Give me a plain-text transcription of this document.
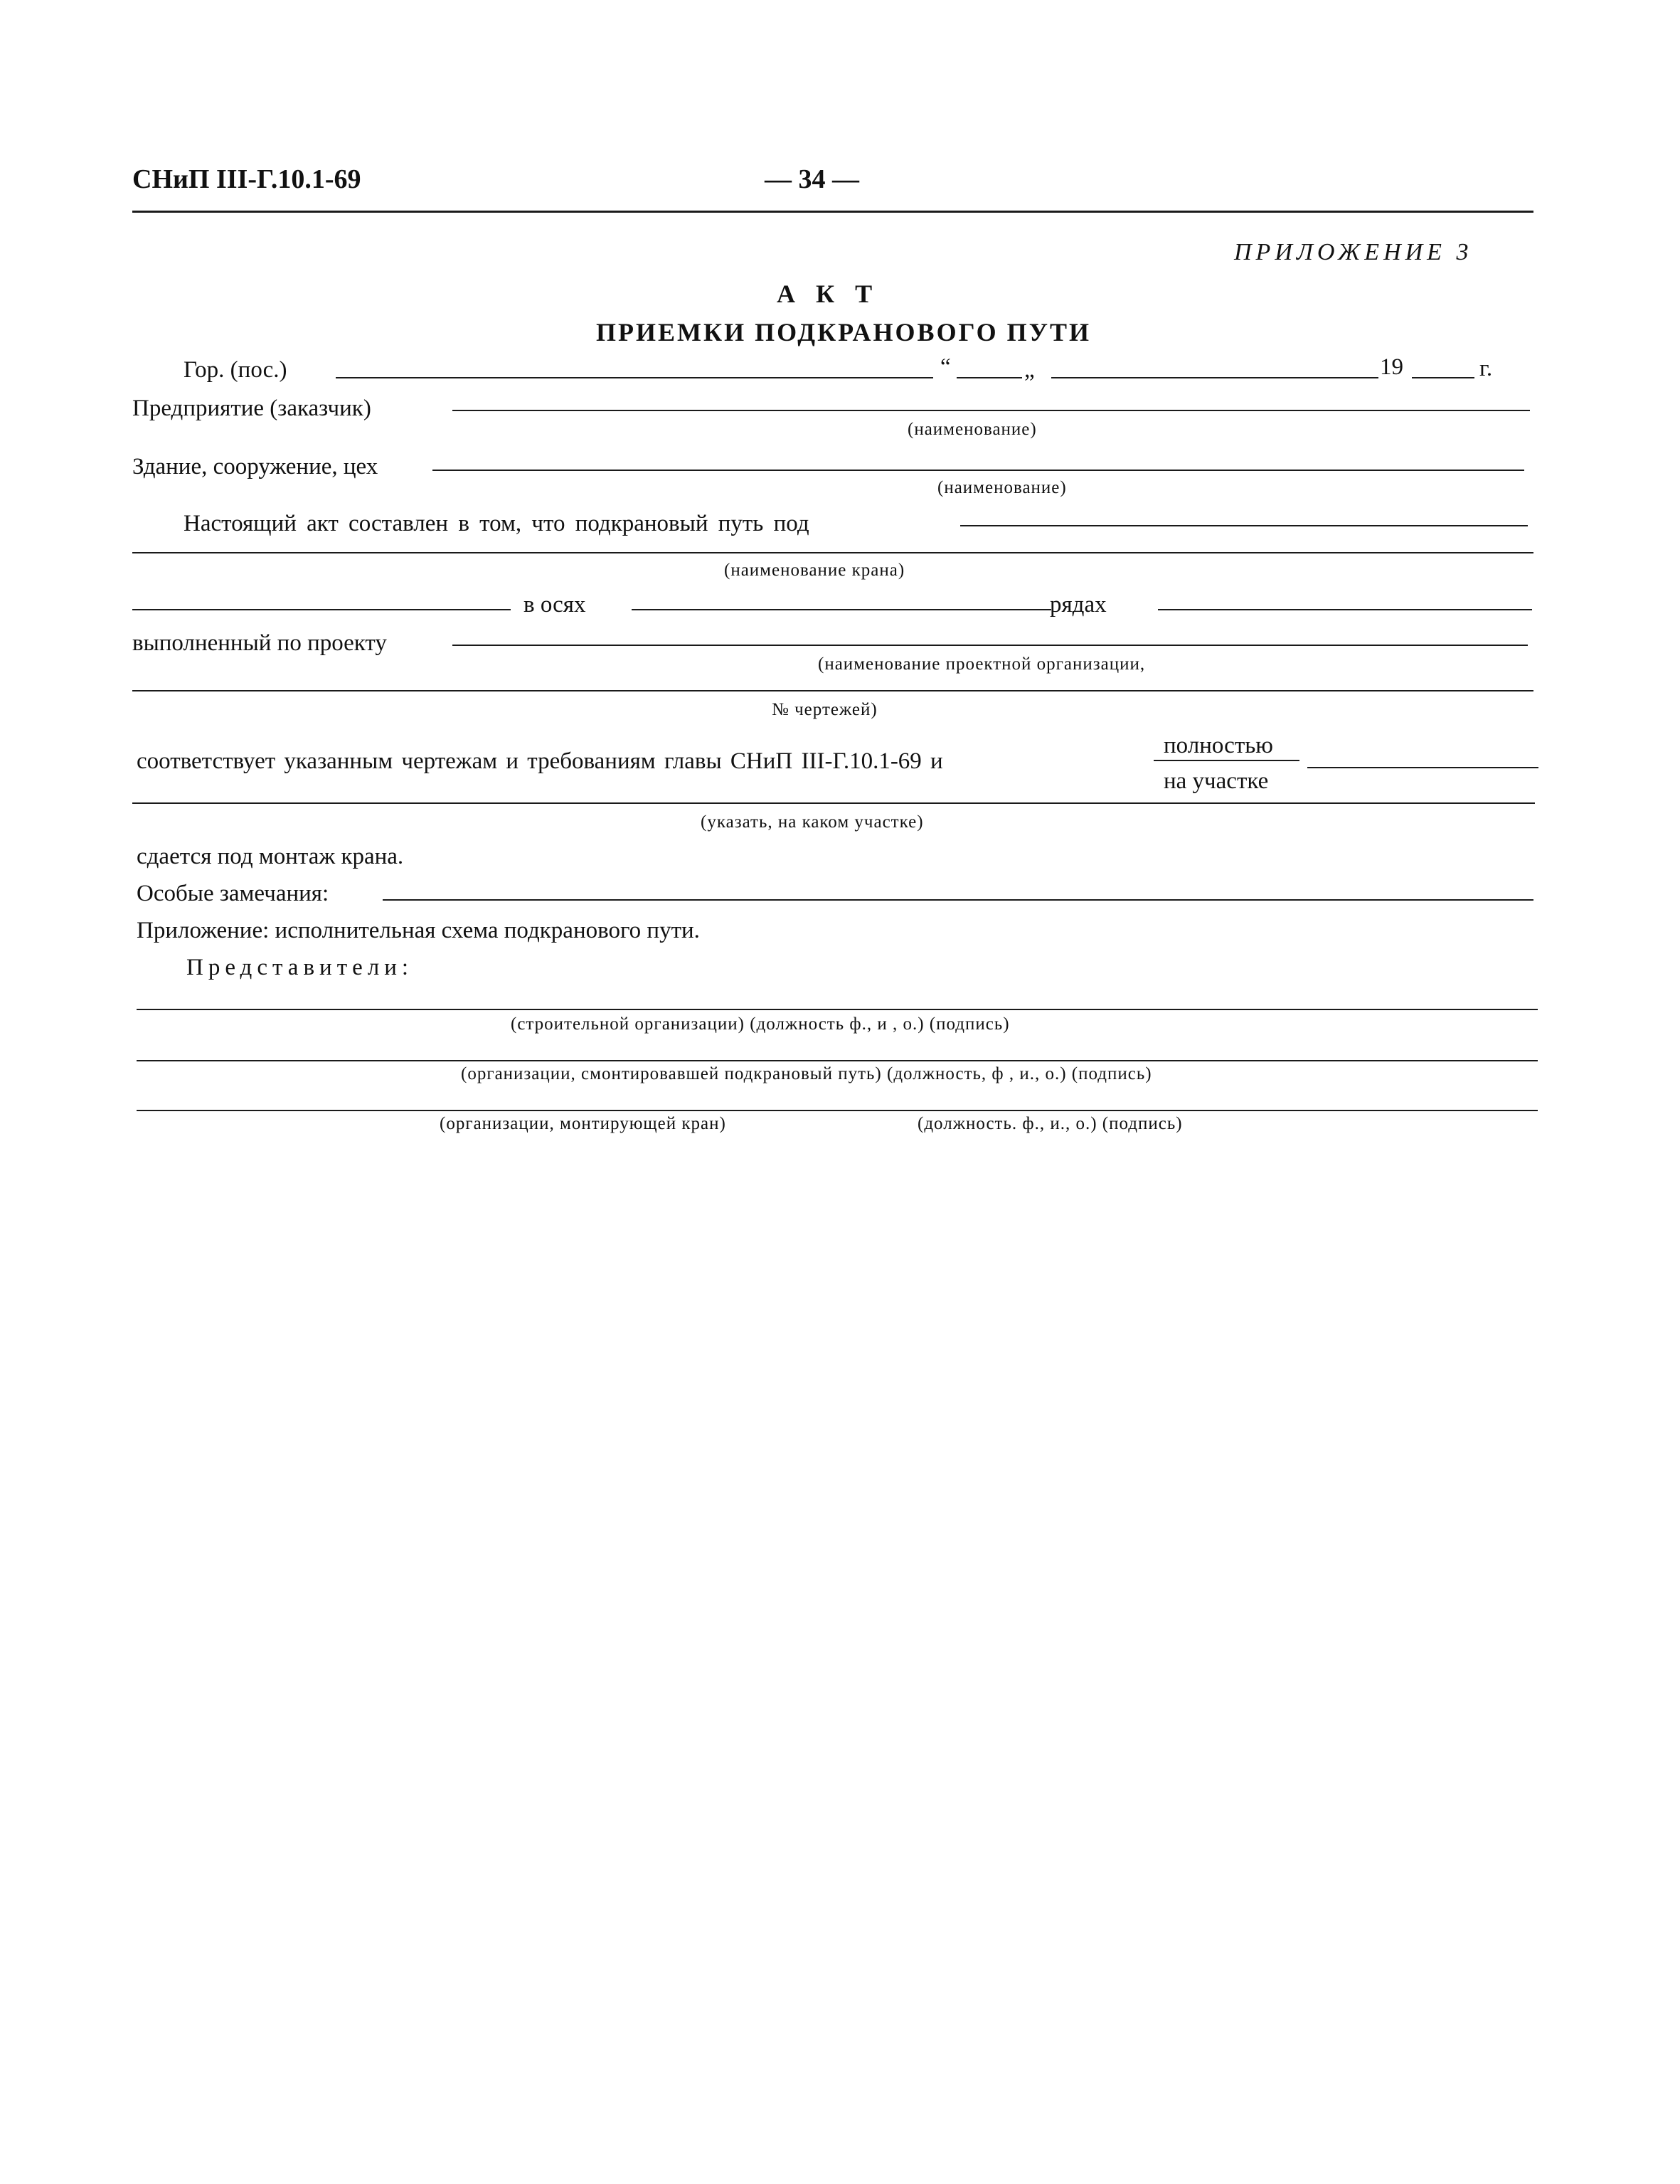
СНиП III-Г.10.1-69	— 34 —
ПРИЛОЖЕНИЕ 3
А К Т
ПРИЕМКИ ПОДКРАНОВОГО ПУТИ
Гор. (пос.)	“	„	19	г.
Предприятие (заказчик)
(наименование)
Здание, сооружение, цех
(наименование)
Настоящий акт составлен в том, что подкрановый путь под
(наименование крана)
в осях	рядах
выполненный по проекту
(наименование проектной организации,
№ чертежей)
соответствует указанным чертежам и требованиям главы СНиП III-Г.10.1-69 и
полностью
на участке
(указать, на каком участке)
сдается под монтаж крана.
Особые замечания:
Приложение: исполнительная схема подкранового пути.
Представители:
(строительной организации) (должность ф., и , о.) (подпись)
(организации, смонтировавшей подкрановый путь) (должность, ф , и., о.) (подпись)
(организации, монтирующей кран)	(должность. ф., и., о.) (подпись)
